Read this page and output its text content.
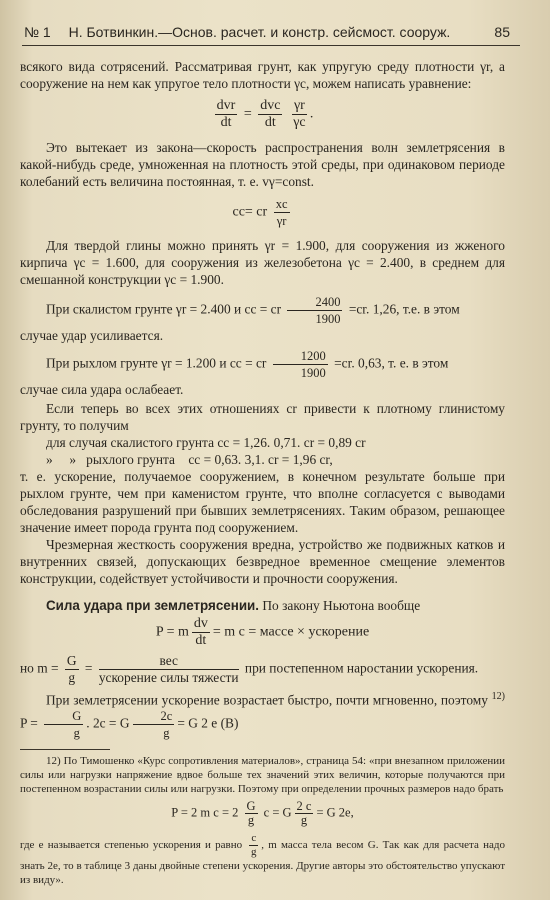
№ 1 Н. Ботвинкин.—Основ. расчет. и констр. сейсмост. сооруж.	85

всякого вида сотрясений. Рассматривая грунт, как упругую среду плотности γr, а сооружение на нем как упругое тело плотности γc, можем написать уравнение:

$\frac{\text{dvr}}{dt} = \frac{\text{dvc}}{dt}$
$\frac{\gamma r}{\gamma c}$ .

Это вытекает из закона—скорость распространения волн землетрясения в какой-нибудь среде, умноженная на плотность этой среды, при одинаковом периоде колебаний есть величина постоянная, т. е. vγ=const.

cc= cr $\frac{xc}{\gamma r}$

Для твердой глины можно принять γr = 1.900, для сооружения из жженого кирпича γc = 1.600, для сооружения из железобетона γc = 2.400, в среднем для смешанной конструкции γc = 1.900.

При скалистом грунте γr = 2.400 и cc = cr $\frac{2400}{1900} =cr$. 1,26, т.е. в этом

случае удар усиливается.

При рыхлом грунте γr = 1.200 и cc = cr $\frac{1200}{1900} =cr$. 0,63, т. е. в этом

случае сила удара ослабеает.

Если теперь во всех этих отношениях cr привести к плотному глинистому грунту, то получим

для случая скалистого грунта cc = 1,26. 0,71. cr = 0,89 cr

»     »   рыхлого грунта    cc = 0,63. 3,1. cr = 1,96 cr,

т. е. ускорение, получаемое сооружением, в конечном результате больше при рыхлом грунте, чем при каменистом грунте, что вполне согласуется с выводами обследования разрушений при бывших землетрясениях. Таким образом, решающее значение имеет порода грунта под сооружением.

Чрезмерная жесткость сооружения вредна, устройство же подвижных катков и внутренних связей, допускающих безвредное временное смещение элементов конструкции, содействует устойчивости и прочности сооружения.

Сила удара при землетрясении. По закону Ньютона вообще

P = m $\frac{dv}{dt} = m$ c = массе × ускорение
но $m = \frac{G}{g} = \frac{\text{вес}}{\text{ускорение силы тяжести}}$ при постепенном наростании ускорения.

При землетрясении ускорение возрастает быстро, почти мгновенно, поэтому $^{12)}$ $P = \frac{G}{g}$ . 2c = G $\frac{2c}{g} = G$ 2 e (B)

12) По Тимошенко «Курс сопротивления материалов», страница 54: «при внезапном приложении силы или нагрузки напряжение вдвое больше тех значений этих величин, которые получаются при постепенном возрастании силы или нагрузки. Поэтому при определении прочных размеров надо брать

P = 2 m $c = 2 \frac{G}{g}$ c = G $\frac{2 c}{g} = G$ 2e,

где e называется степенью ускорения и равно $\frac{c}{g}$ , m масса тела весом G. Так как для расчета надо знать 2e, то в таблице 3 даны двойные степени ускорения. Другие авторы это обстоятельство упускают из виду».
